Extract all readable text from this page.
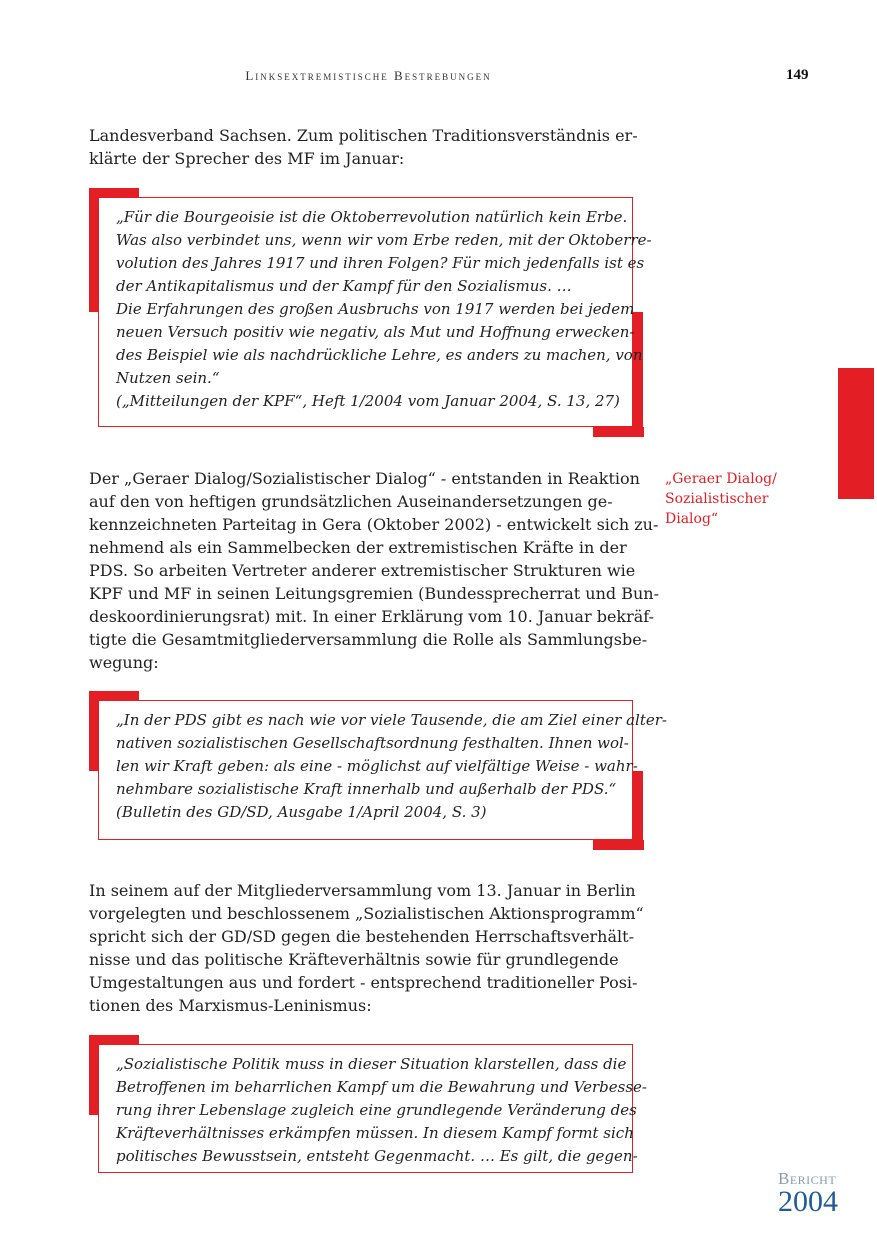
Linksextremistische Bestrebungen	149
Landesverband Sachsen. Zum politischen Traditionsverständnis er-
klärte der Sprecher des MF im Januar:
„Für die Bourgeoisie ist die Oktoberrevolution natürlich kein Erbe.
Was also verbindet uns, wenn wir vom Erbe reden, mit der Oktoberre-
volution des Jahres 1917 und ihren Folgen? Für mich jedenfalls ist es
der Antikapitalismus und der Kampf für den Sozialismus. …
Die Erfahrungen des großen Ausbruchs von 1917 werden bei jedem
neuen Versuch positiv wie negativ, als Mut und Hoffnung erwecken-
des Beispiel wie als nachdrückliche Lehre, es anders zu machen, von
Nutzen sein.“
(„Mitteilungen der KPF“, Heft 1/2004 vom Januar 2004, S. 13, 27)
Der „Geraer Dialog/Sozialistischer Dialog“ - entstanden in Reaktion
auf den von heftigen grundsätzlichen Auseinandersetzungen ge-
kennzeichneten Parteitag in Gera (Oktober 2002) - entwickelt sich zu-
nehmend als ein Sammelbecken der extremistischen Kräfte in der
PDS. So arbeiten Vertreter anderer extremistischer Strukturen wie
KPF und MF in seinen Leitungsgremien (Bundessprecherrat und Bun-
deskoordinierungsrat) mit. In einer Erklärung vom 10. Januar bekräf-
tigte die Gesamtmitgliederversammlung die Rolle als Sammlungsbe-
wegung:
„Geraer Dialog/
Sozialistischer
Dialog“
„In der PDS gibt es nach wie vor viele Tausende, die am Ziel einer alter-
nativen sozialistischen Gesellschaftsordnung festhalten. Ihnen wol-
len wir Kraft geben: als eine - möglichst auf vielfältige Weise - wahr-
nehmbare sozialistische Kraft innerhalb und außerhalb der PDS.“
(Bulletin des GD/SD, Ausgabe 1/April 2004, S. 3)
In seinem auf der Mitgliederversammlung vom 13. Januar in Berlin
vorgelegten und beschlossenem „Sozialistischen Aktionsprogramm“
spricht sich der GD/SD gegen die bestehenden Herrschaftsverhält-
nisse und das politische Kräfteverhältnis sowie für grundlegende
Umgestaltungen aus und fordert - entsprechend traditioneller Posi-
tionen des Marxismus-Leninismus:
„Sozialistische Politik muss in dieser Situation klarstellen, dass die
Betroffenen im beharrlichen Kampf um die Bewahrung und Verbesse-
rung ihrer Lebenslage zugleich eine grundlegende Veränderung des
Kräfteverhältnisses erkämpfen müssen. In diesem Kampf formt sich
politisches Bewusstsein, entsteht Gegenmacht. … Es gilt, die gegen-
Bericht
2004
